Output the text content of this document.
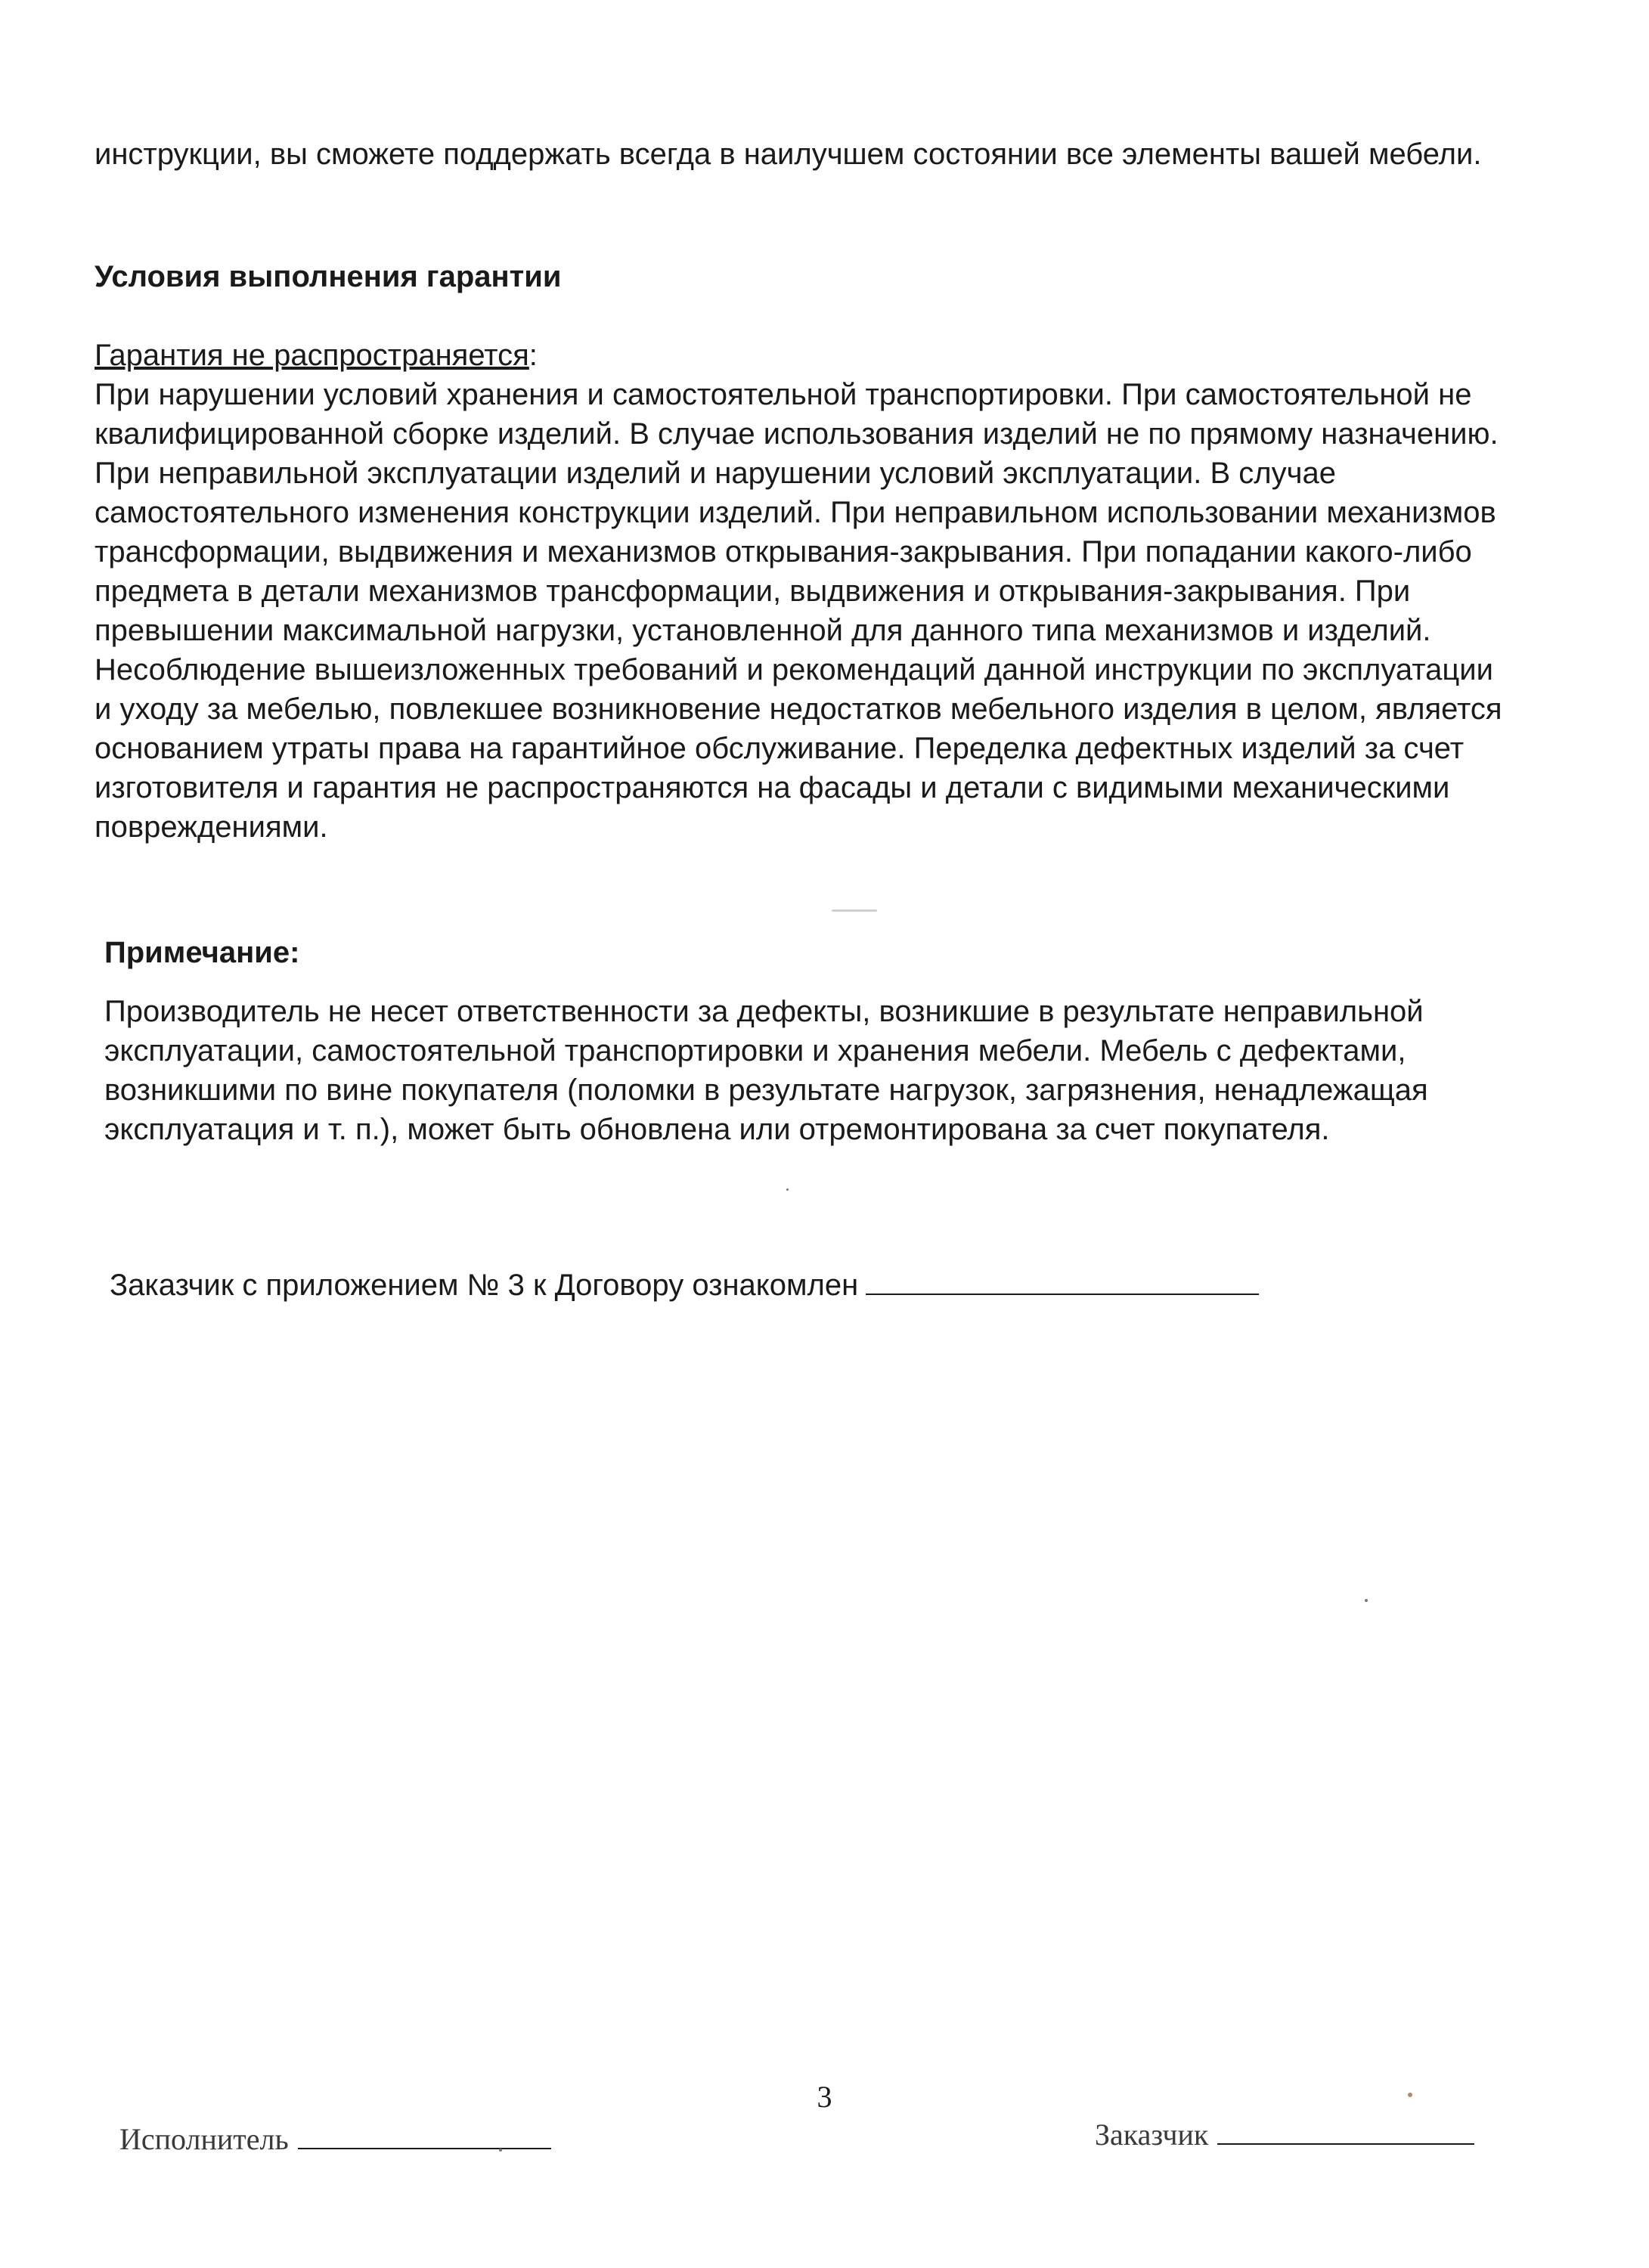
инструкции, вы сможете поддержать всегда в наилучшем состоянии все элементы вашей мебели.
Условия выполнения гарантии
Гарантия не распространяется:
При нарушении условий хранения и самостоятельной транспортировки. При самостоятельной не квалифицированной сборке изделий. В случае использования изделий не по прямому назначению. При неправильной эксплуатации изделий и нарушении условий эксплуатации. В случае самостоятельного изменения конструкции изделий. При неправильном использовании механизмов трансформации, выдвижения и механизмов открывания-закрывания. При попадании какого-либо предмета в детали механизмов трансформации, выдвижения и открывания-закрывания. При превышении максимальной нагрузки, установленной для данного типа механизмов и изделий. Несоблюдение вышеизложенных требований и рекомендаций данной инструкции по эксплуатации и уходу за мебелью, повлекшее возникновение недостатков мебельного изделия в целом, является основанием утраты права на гарантийное обслуживание. Переделка дефектных изделий за счет изготовителя и гарантия не распространяются на фасады и детали с видимыми механическими повреждениями.
Примечание:
Производитель не несет ответственности за дефекты, возникшие в результате неправильной эксплуатации, самостоятельной транспортировки и хранения мебели. Мебель с дефектами, возникшими по вине покупателя (поломки в результате нагрузок, загрязнения, ненадлежащая эксплуатация и т. п.), может быть обновлена или отремонтирована за счет покупателя.
Заказчик с приложением № 3 к Договору ознакомлен
3
Исполнитель	Заказчик
